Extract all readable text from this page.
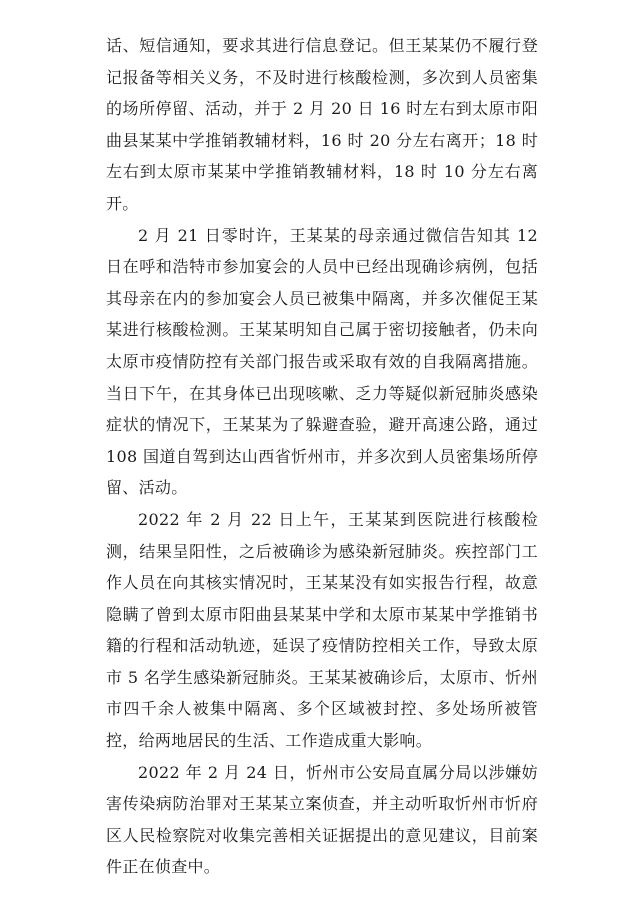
话、短信通知，要求其进行信息登记。但王某某仍不履行登记报备等相关义务，不及时进行核酸检测，多次到人员密集的场所停留、活动，并于 2 月 20 日 16 时左右到太原市阳曲县某某中学推销教辅材料，16 时 20 分左右离开；18 时左右到太原市某某中学推销教辅材料，18 时 10 分左右离开。

2 月 21 日零时许，王某某的母亲通过微信告知其 12 日在呼和浩特市参加宴会的人员中已经出现确诊病例，包括其母亲在内的参加宴会人员已被集中隔离，并多次催促王某某进行核酸检测。王某某明知自己属于密切接触者，仍未向太原市疫情防控有关部门报告或采取有效的自我隔离措施。当日下午，在其身体已出现咳嗽、乏力等疑似新冠肺炎感染症状的情况下，王某某为了躲避查验，避开高速公路，通过 108 国道自驾到达山西省忻州市，并多次到人员密集场所停留、活动。

2022 年 2 月 22 日上午，王某某到医院进行核酸检测，结果呈阳性，之后被确诊为感染新冠肺炎。疾控部门工作人员在向其核实情况时，王某某没有如实报告行程，故意隐瞒了曾到太原市阳曲县某某中学和太原市某某中学推销书籍的行程和活动轨迹，延误了疫情防控相关工作，导致太原市 5 名学生感染新冠肺炎。王某某被确诊后，太原市、忻州市四千余人被集中隔离、多个区域被封控、多处场所被管控，给两地居民的生活、工作造成重大影响。

2022 年 2 月 24 日，忻州市公安局直属分局以涉嫌妨害传染病防治罪对王某某立案侦查，并主动听取忻州市忻府区人民检察院对收集完善相关证据提出的意见建议，目前案件正在侦查中。
